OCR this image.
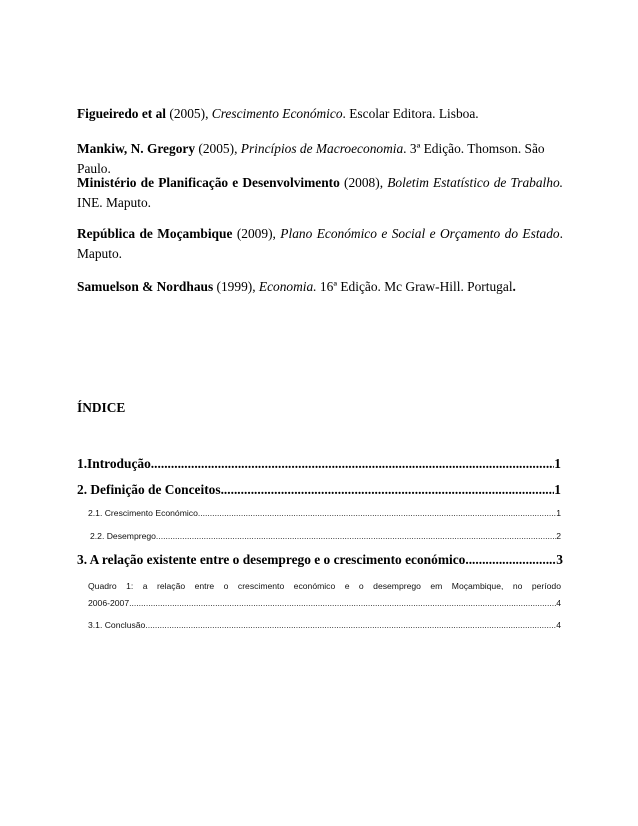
Figueiredo et al (2005), Crescimento Económico. Escolar Editora. Lisboa.
Mankiw, N. Gregory (2005), Princípios de Macroeconomia. 3ª Edição. Thomson. São Paulo.
Ministério de Planificação e Desenvolvimento (2008), Boletim Estatístico de Trabalho. INE. Maputo.
República de Moçambique (2009), Plano Económico e Social e Orçamento do Estado. Maputo.
Samuelson & Nordhaus (1999), Economia. 16ª Edição. Mc Graw-Hill. Portugal.
ÍNDICE
1.Introdução .....	1
2. Definição de Conceitos .....	1
2.1. Crescimento Económico .....	1
2.2. Desemprego .....	2
3. A relação existente entre o desemprego e o crescimento económico .....	3
Quadro 1: a relação entre o crescimento económico e o desemprego em Moçambique, no período
2006-2007 .....	4
3.1. Conclusão .....	4
